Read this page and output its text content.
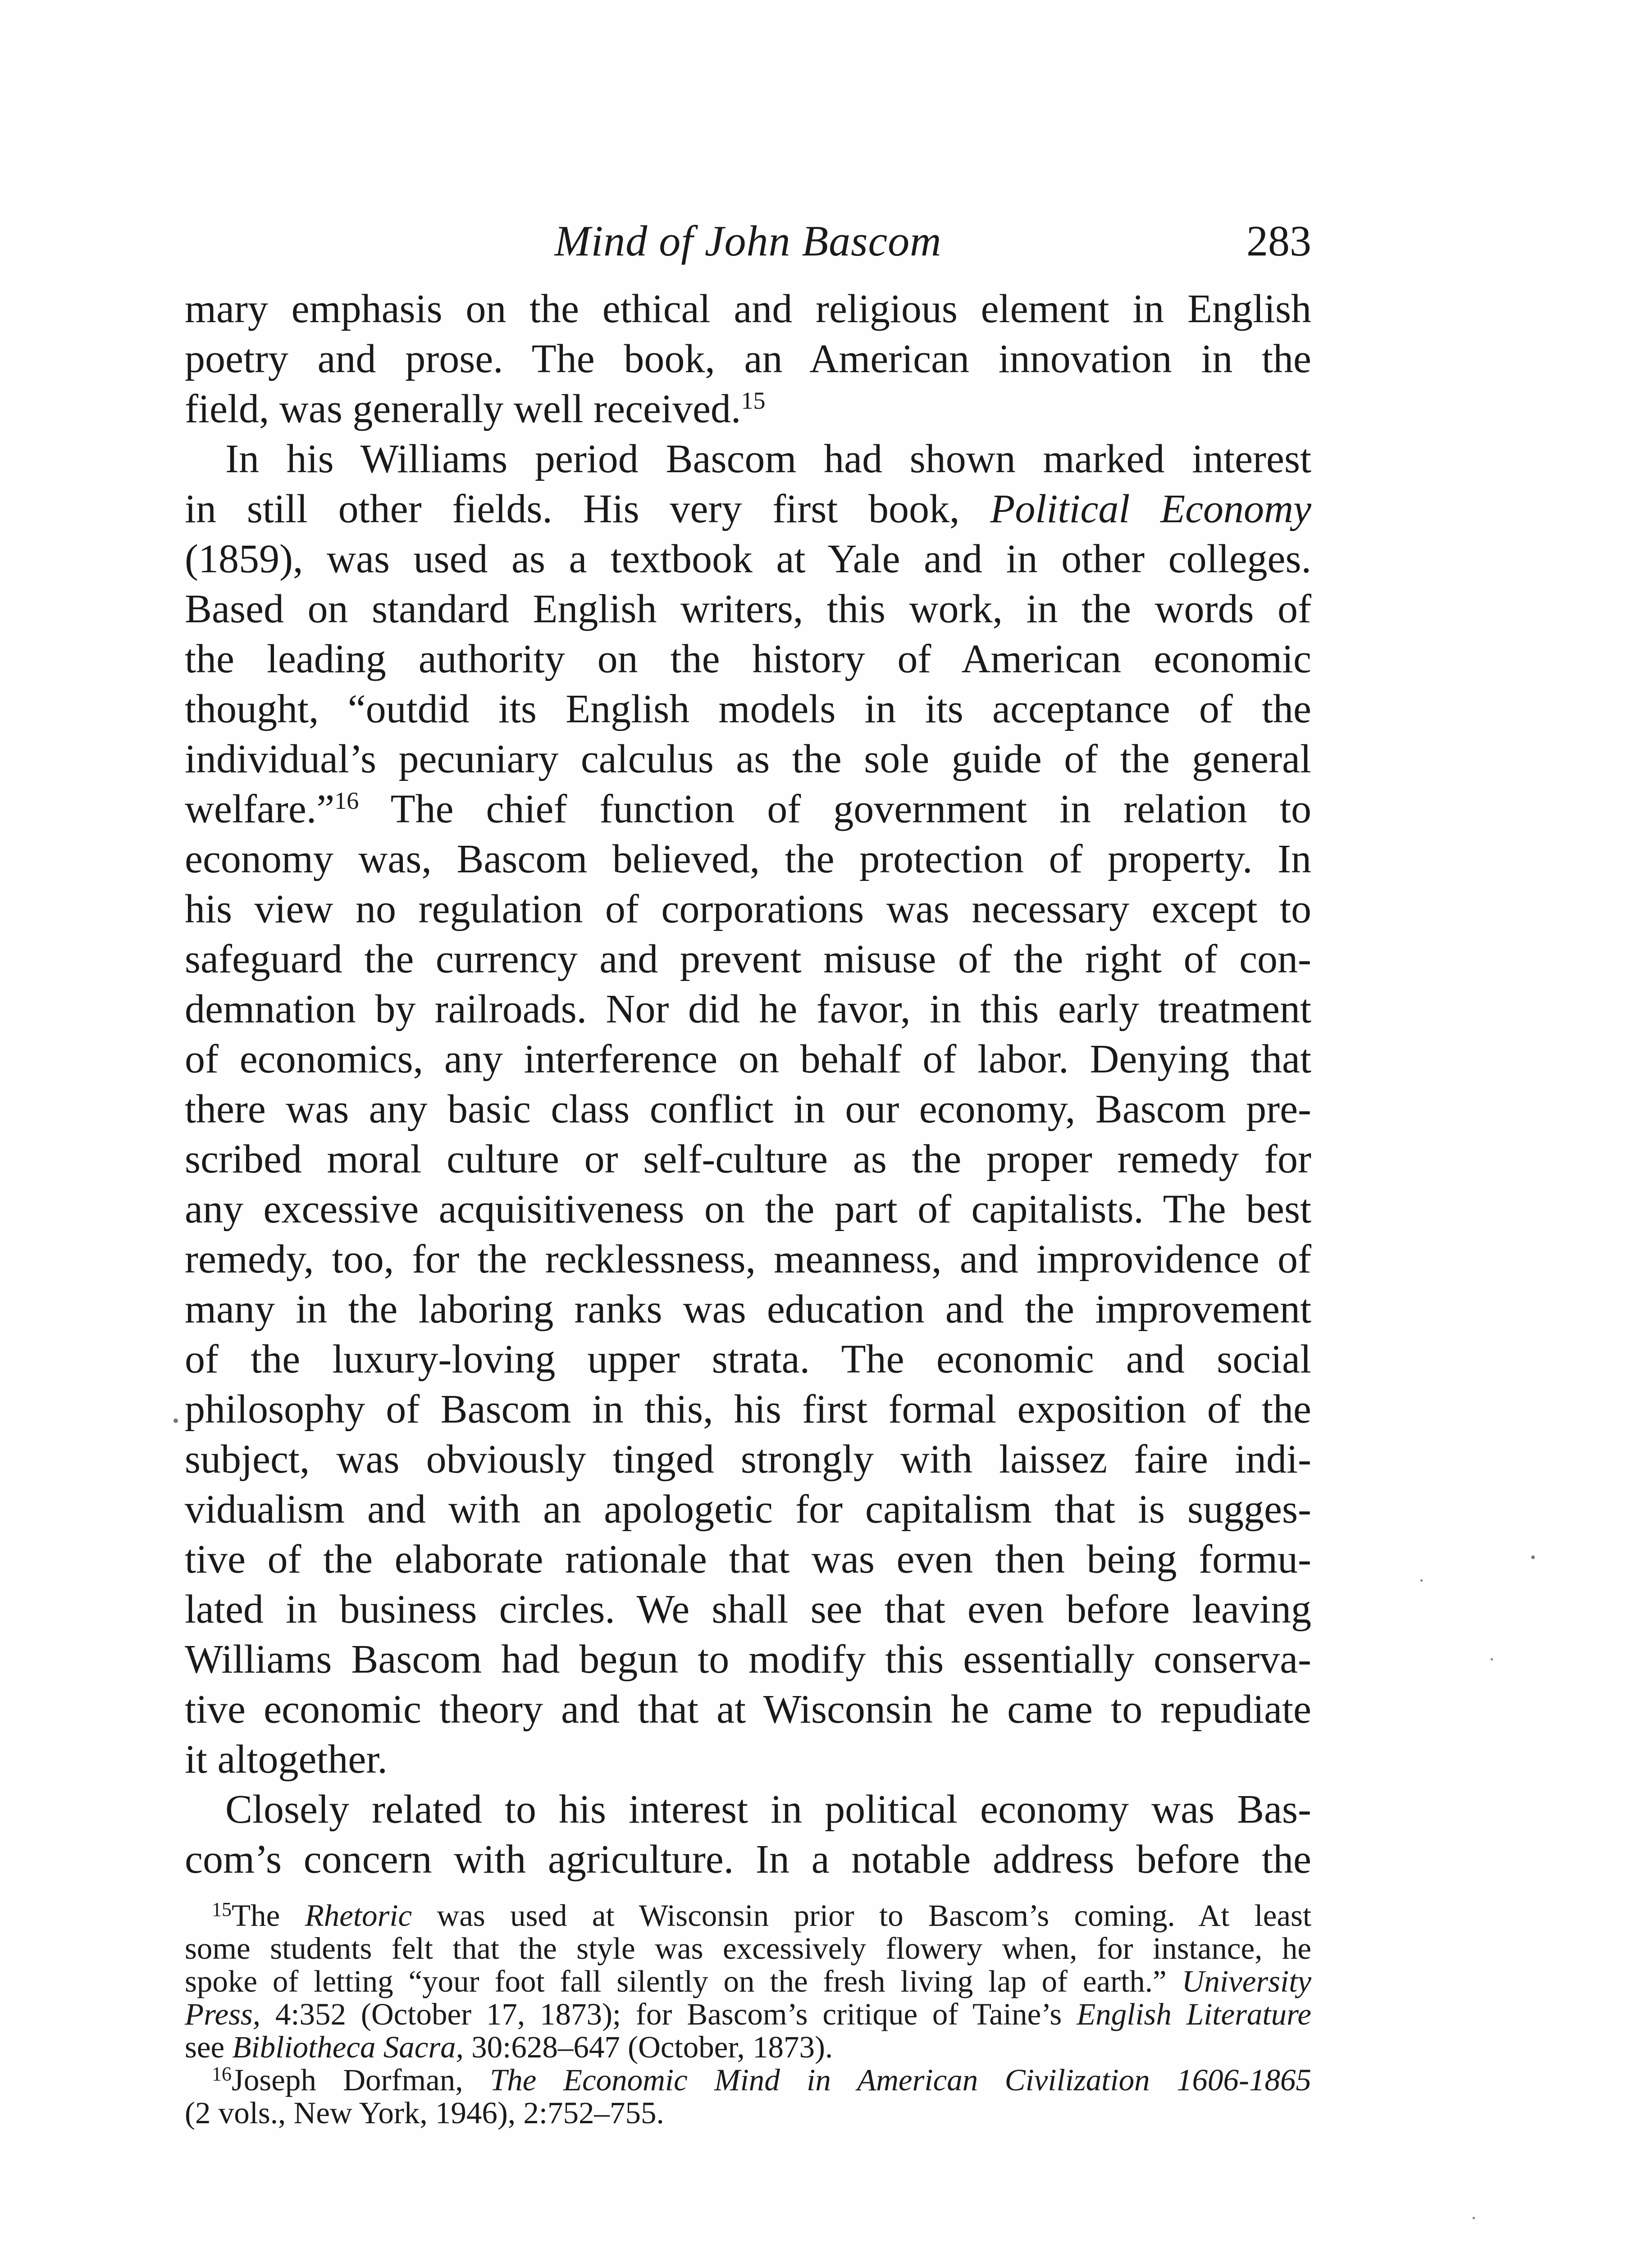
Mind of John Bascom	283
mary emphasis on the ethical and religious element in English
poetry and prose. The book, an American innovation in the
field, was generally well received.$^{15}$
In his Williams period Bascom had shown marked interest
in still other fields. His very first book, Political Economy
(1859), was used as a textbook at Yale and in other colleges.
Based on standard English writers, this work, in the words of
the leading authority on the history of American economic
thought, “outdid its English models in its acceptance of the
individual’s pecuniary calculus as the sole guide of the general
welfare.”$^{16}$ The chief function of government in relation to
economy was, Bascom believed, the protection of property. In
his view no regulation of corporations was necessary except to
safeguard the currency and prevent misuse of the right of con-
demnation by railroads. Nor did he favor, in this early treatment
of economics, any interference on behalf of labor. Denying that
there was any basic class conflict in our economy, Bascom pre-
scribed moral culture or self-culture as the proper remedy for
any excessive acquisitiveness on the part of capitalists. The best
remedy, too, for the recklessness, meanness, and improvidence of
many in the laboring ranks was education and the improvement
of the luxury-loving upper strata. The economic and social
philosophy of Bascom in this, his first formal exposition of the
subject, was obviously tinged strongly with laissez faire indi-
vidualism and with an apologetic for capitalism that is sugges-
tive of the elaborate rationale that was even then being formu-
lated in business circles. We shall see that even before leaving
Williams Bascom had begun to modify this essentially conserva-
tive economic theory and that at Wisconsin he came to repudiate
it altogether.
Closely related to his interest in political economy was Bas-
com’s concern with agriculture. In a notable address before the
$^{15}$The Rhetoric was used at Wisconsin prior to Bascom’s coming. At least
some students felt that the style was excessively flowery when, for instance, he
spoke of letting “your foot fall silently on the fresh living lap of earth.” University
Press, 4:352 (October 17, 1873); for Bascom’s critique of Taine’s English Literature
see Bibliotheca Sacra, 30:628–647 (October, 1873).
$^{16}$Joseph Dorfman, The Economic Mind in American Civilization 1606-1865
(2 vols., New York, 1946), 2:752–755.
